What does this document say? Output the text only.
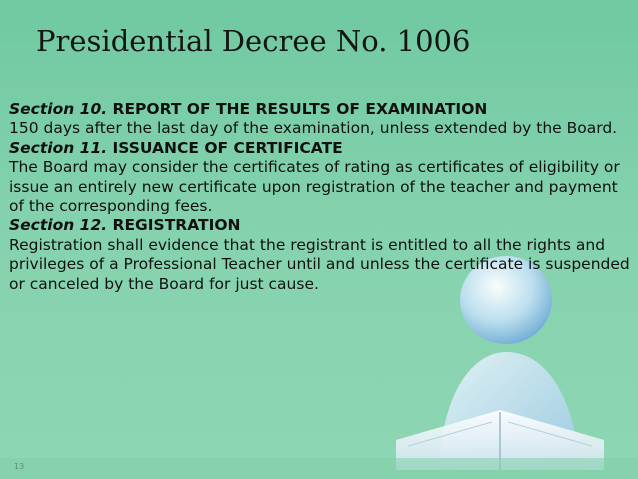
Presidential Decree No. 1006
Section 10. REPORT OF THE RESULTS OF EXAMINATION
150 days after the last day of the examination, unless extended by the Board.
Section 11. ISSUANCE OF CERTIFICATE
The Board may consider the certificates of rating as certificates of eligibility or issue an entirely new certificate upon registration of the teacher and payment of the corresponding fees.
Section 12. REGISTRATION
Registration shall evidence that the registrant is entitled to all the rights and privileges of a Professional Teacher until and unless the certificate is suspended or canceled by the Board for just cause.
13
